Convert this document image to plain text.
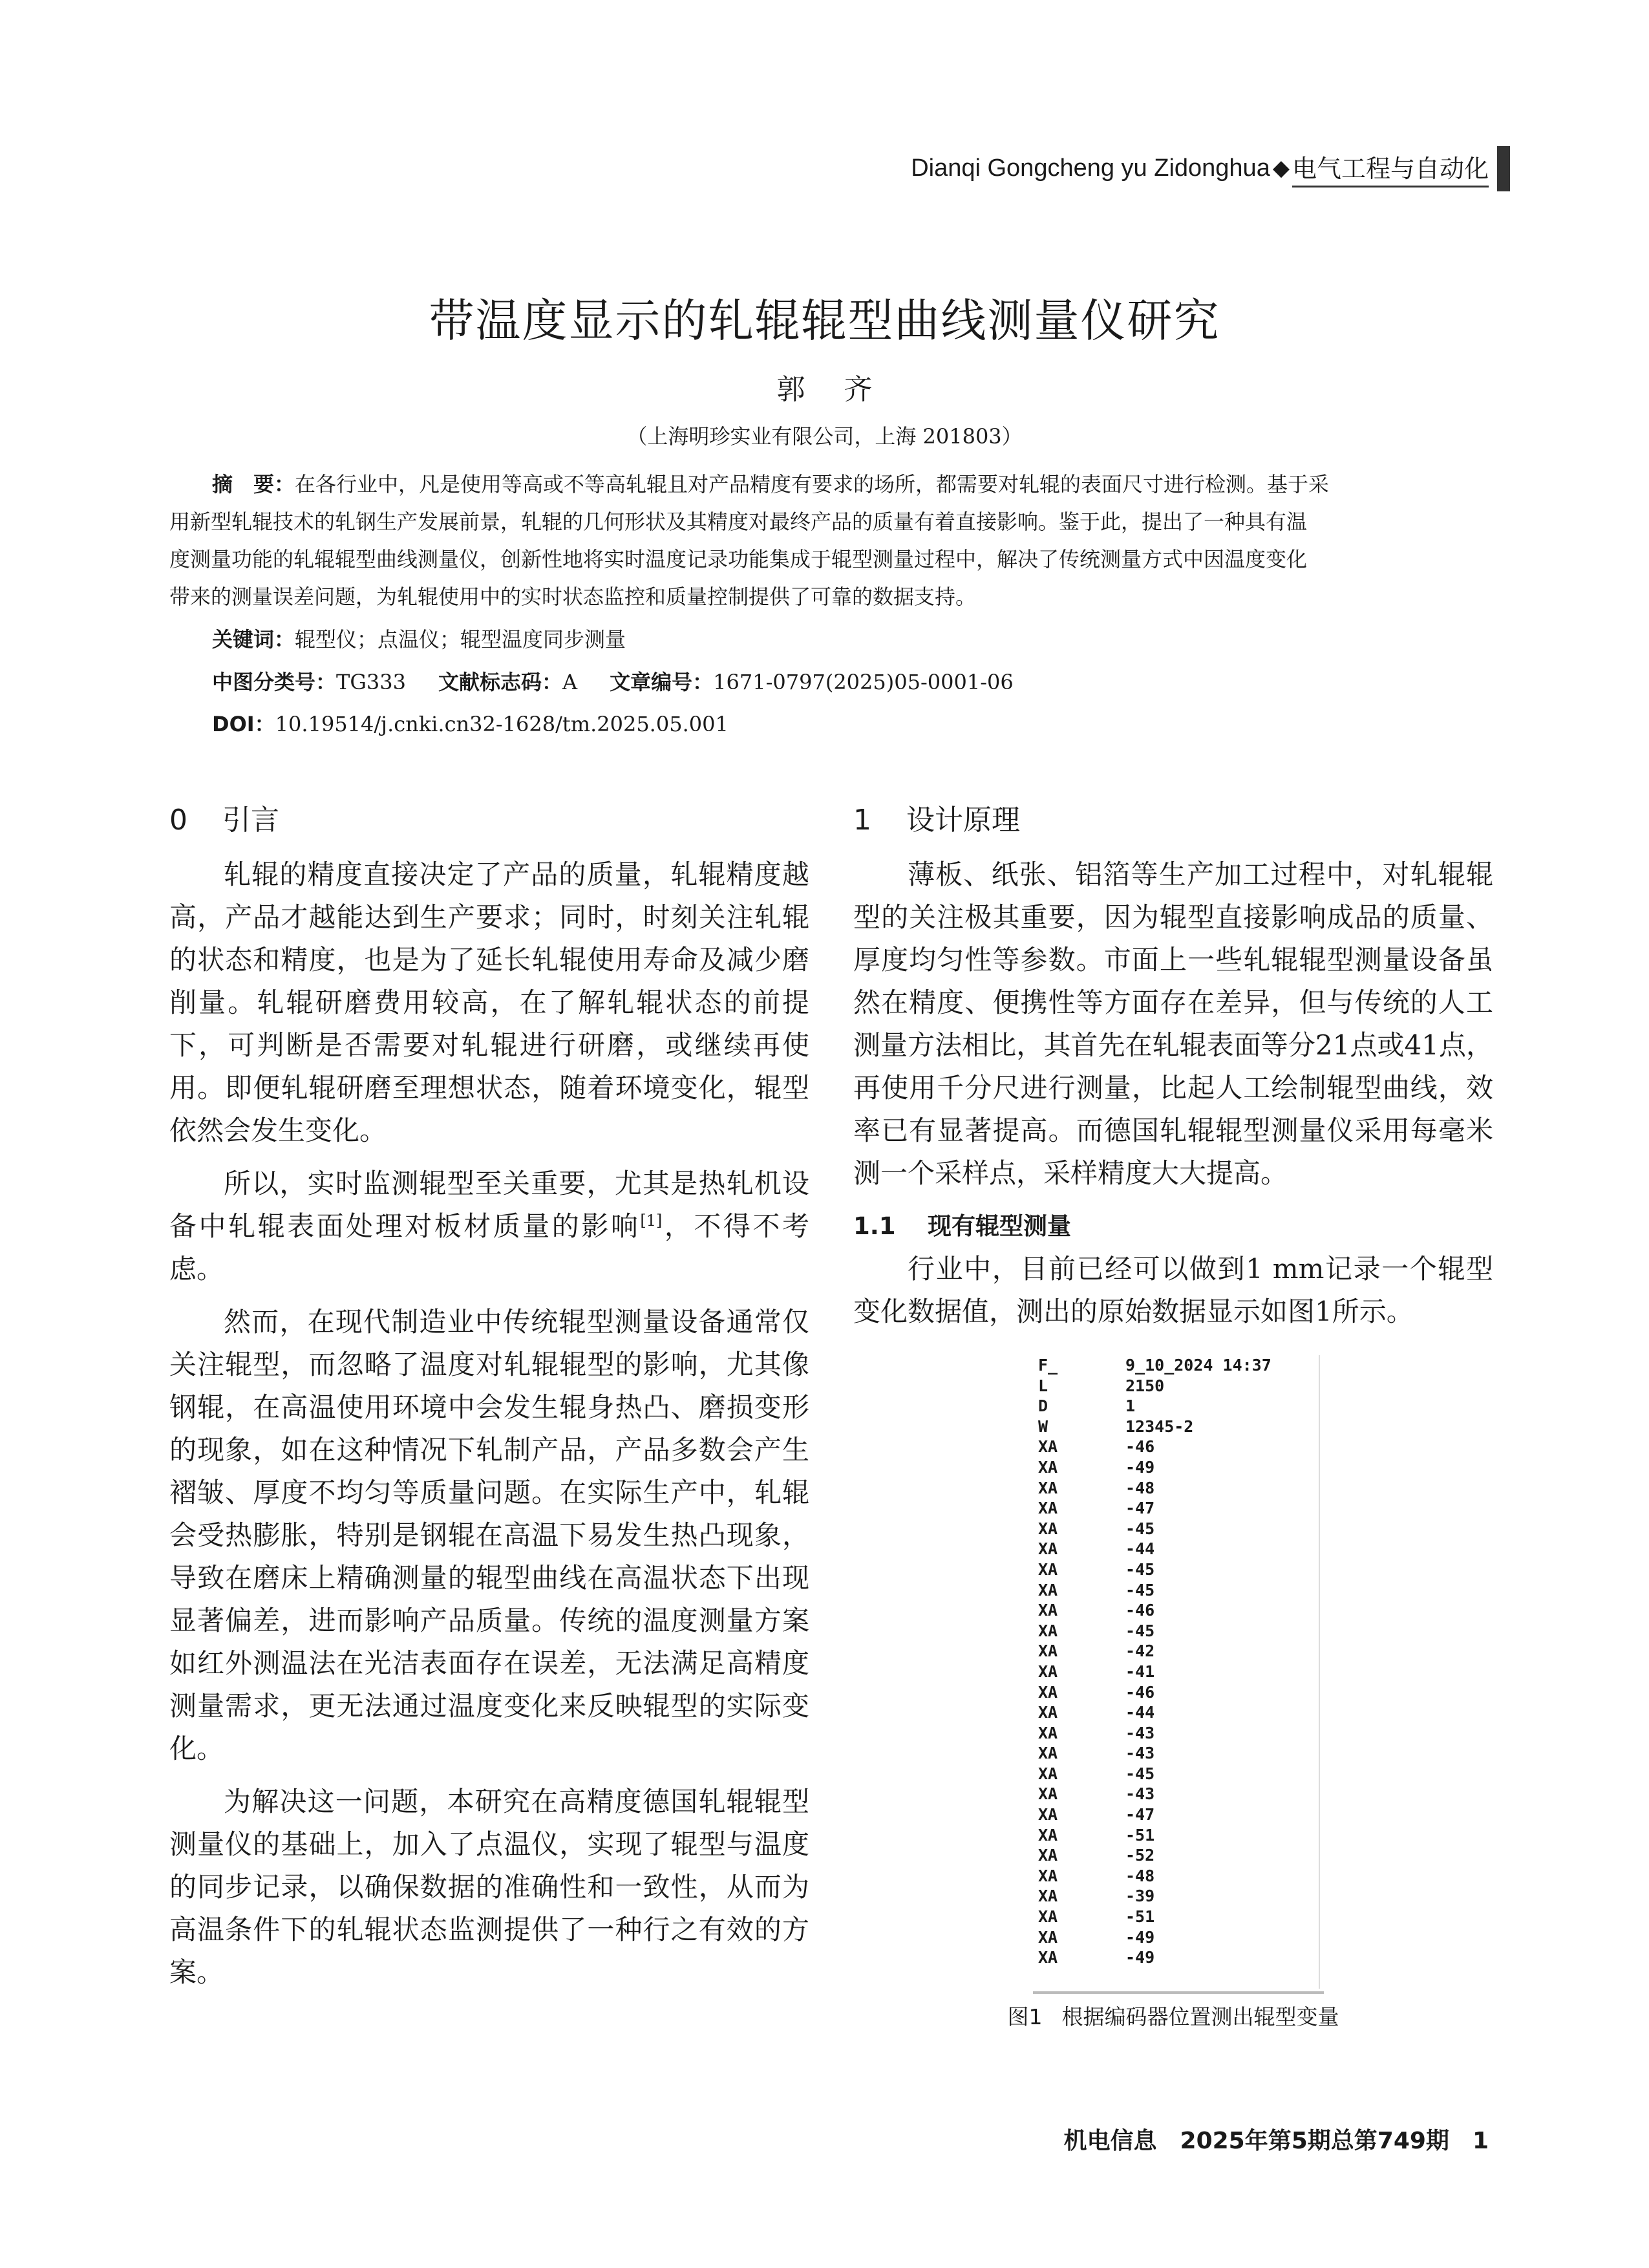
Dianqi Gongcheng yu Zidonghua ◆ 电气工程与自动化
带温度显示的轧辊辊型曲线测量仪研究
郭齐
（上海明珍实业有限公司，上海 201803）
摘　要：在各行业中，凡是使用等高或不等高轧辊且对产品精度有要求的场所，都需要对轧辊的表面尺寸进行检测。基于采
用新型轧辊技术的轧钢生产发展前景，轧辊的几何形状及其精度对最终产品的质量有着直接影响。鉴于此，提出了一种具有温
度测量功能的轧辊辊型曲线测量仪，创新性地将实时温度记录功能集成于辊型测量过程中，解决了传统测量方式中因温度变化
带来的测量误差问题，为轧辊使用中的实时状态监控和质量控制提供了可靠的数据支持。
关键词：辊型仪；点温仪；辊型温度同步测量
中图分类号：TG333 文献标志码：A 文章编号：1671-0797(2025)05-0001-06
DOI：10.19514/j.cnki.cn32-1628/tm.2025.05.001
0 引言

轧辊的精度直接决定了产品的质量，轧辊精度越高，产品才越能达到生产要求；同时，时刻关注轧辊的状态和精度，也是为了延长轧辊使用寿命及减少磨削量。轧辊研磨费用较高，在了解轧辊状态的前提下，可判断是否需要对轧辊进行研磨，或继续再使用。即便轧辊研磨至理想状态，随着环境变化，辊型依然会发生变化。

所以，实时监测辊型至关重要，尤其是热轧机设备中轧辊表面处理对板材质量的影响[1]，不得不考虑。

然而，在现代制造业中传统辊型测量设备通常仅关注辊型，而忽略了温度对轧辊辊型的影响，尤其像钢辊，在高温使用环境中会发生辊身热凸、磨损变形的现象，如在这种情况下轧制产品，产品多数会产生褶皱、厚度不均匀等质量问题。在实际生产中，轧辊会受热膨胀，特别是钢辊在高温下易发生热凸现象，导致在磨床上精确测量的辊型曲线在高温状态下出现显著偏差，进而影响产品质量。传统的温度测量方案如红外测温法在光洁表面存在误差，无法满足高精度测量需求，更无法通过温度变化来反映辊型的实际变化。

为解决这一问题，本研究在高精度德国轧辊辊型测量仪的基础上，加入了点温仪，实现了辊型与温度的同步记录，以确保数据的准确性和一致性，从而为高温条件下的轧辊状态监测提供了一种行之有效的方案。

1 设计原理

薄板、纸张、铝箔等生产加工过程中，对轧辊辊型的关注极其重要，因为辊型直接影响成品的质量、厚度均匀性等参数。市面上一些轧辊辊型测量设备虽然在精度、便携性等方面存在差异，但与传统的人工测量方法相比，其首先在轧辊表面等分21点或41点，再使用千分尺进行测量，比起人工绘制辊型曲线，效率已有显著提高。而德国轧辊辊型测量仪采用每毫米测一个采样点，采样精度大大提高。

1.1 现有辊型测量

行业中，目前已经可以做到1 mm记录一个辊型变化数据值，测出的原始数据显示如图1所示。

F_	9_10_2024 14:37
L	2150
D	1
W	12345-2
XA	-46
XA	-49
XA	-48
XA	-47
XA	-45
XA	-44
XA	-45
XA	-45
XA	-46
XA	-45
XA	-42
XA	-41
XA	-46
XA	-44
XA	-43
XA	-43
XA	-45
XA	-43
XA	-47
XA	-51
XA	-52
XA	-48
XA	-39
XA	-51
XA	-49
XA	-49
图1 根据编码器位置测出辊型变量
机电信息 2025年第5期总第749期 1
